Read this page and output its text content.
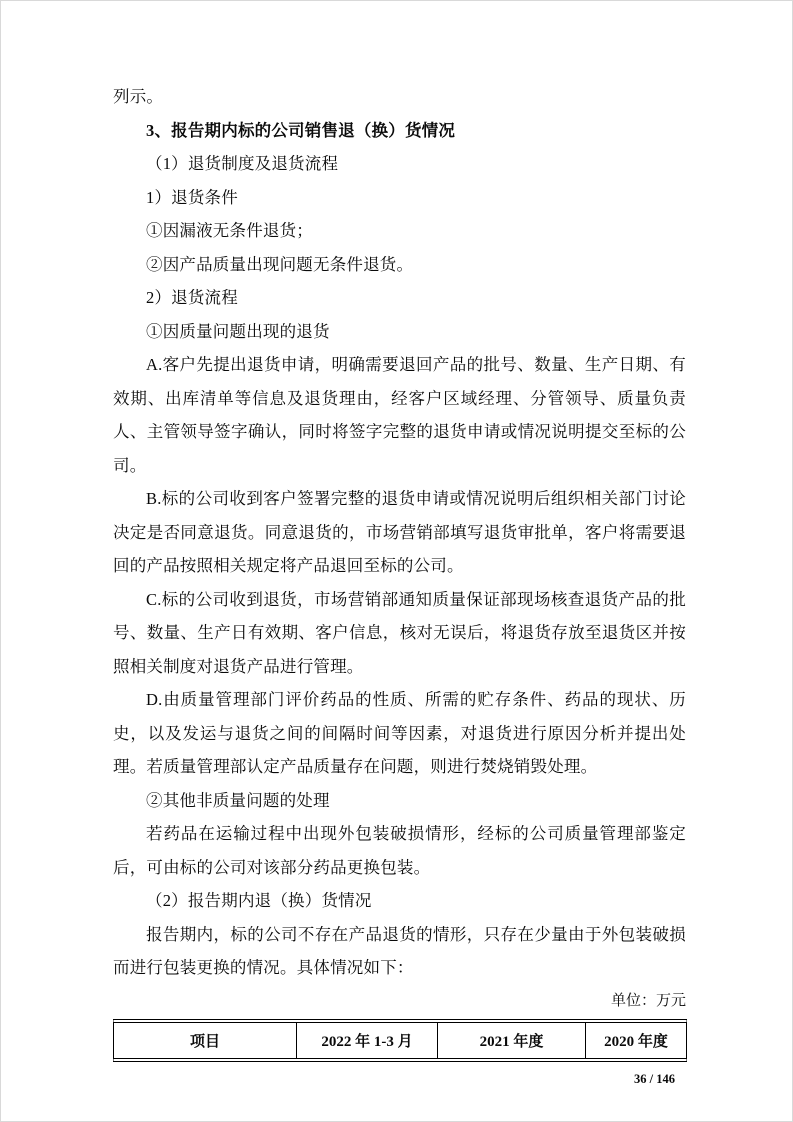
列示。

3、报告期内标的公司销售退（换）货情况

（1）退货制度及退货流程

1）退货条件

①因漏液无条件退货；

②因产品质量出现问题无条件退货。

2）退货流程

①因质量问题出现的退货

A.客户先提出退货申请，明确需要退回产品的批号、数量、生产日期、有效期、出库清单等信息及退货理由，经客户区域经理、分管领导、质量负责人、主管领导签字确认，同时将签字完整的退货申请或情况说明提交至标的公司。

B.标的公司收到客户签署完整的退货申请或情况说明后组织相关部门讨论决定是否同意退货。同意退货的，市场营销部填写退货审批单，客户将需要退回的产品按照相关规定将产品退回至标的公司。

C.标的公司收到退货，市场营销部通知质量保证部现场核查退货产品的批号、数量、生产日有效期、客户信息，核对无误后，将退货存放至退货区并按照相关制度对退货产品进行管理。

D.由质量管理部门评价药品的性质、所需的贮存条件、药品的现状、历史，以及发运与退货之间的间隔时间等因素，对退货进行原因分析并提出处理。若质量管理部认定产品质量存在问题，则进行焚烧销毁处理。

②其他非质量问题的处理

若药品在运输过程中出现外包装破损情形，经标的公司质量管理部鉴定后，可由标的公司对该部分药品更换包装。

（2）报告期内退（换）货情况

报告期内，标的公司不存在产品退货的情形，只存在少量由于外包装破损而进行包装更换的情况。具体情况如下：

单位：万元

项目	2022 年 1-3 月	2021 年度	2020 年度
36 / 146
